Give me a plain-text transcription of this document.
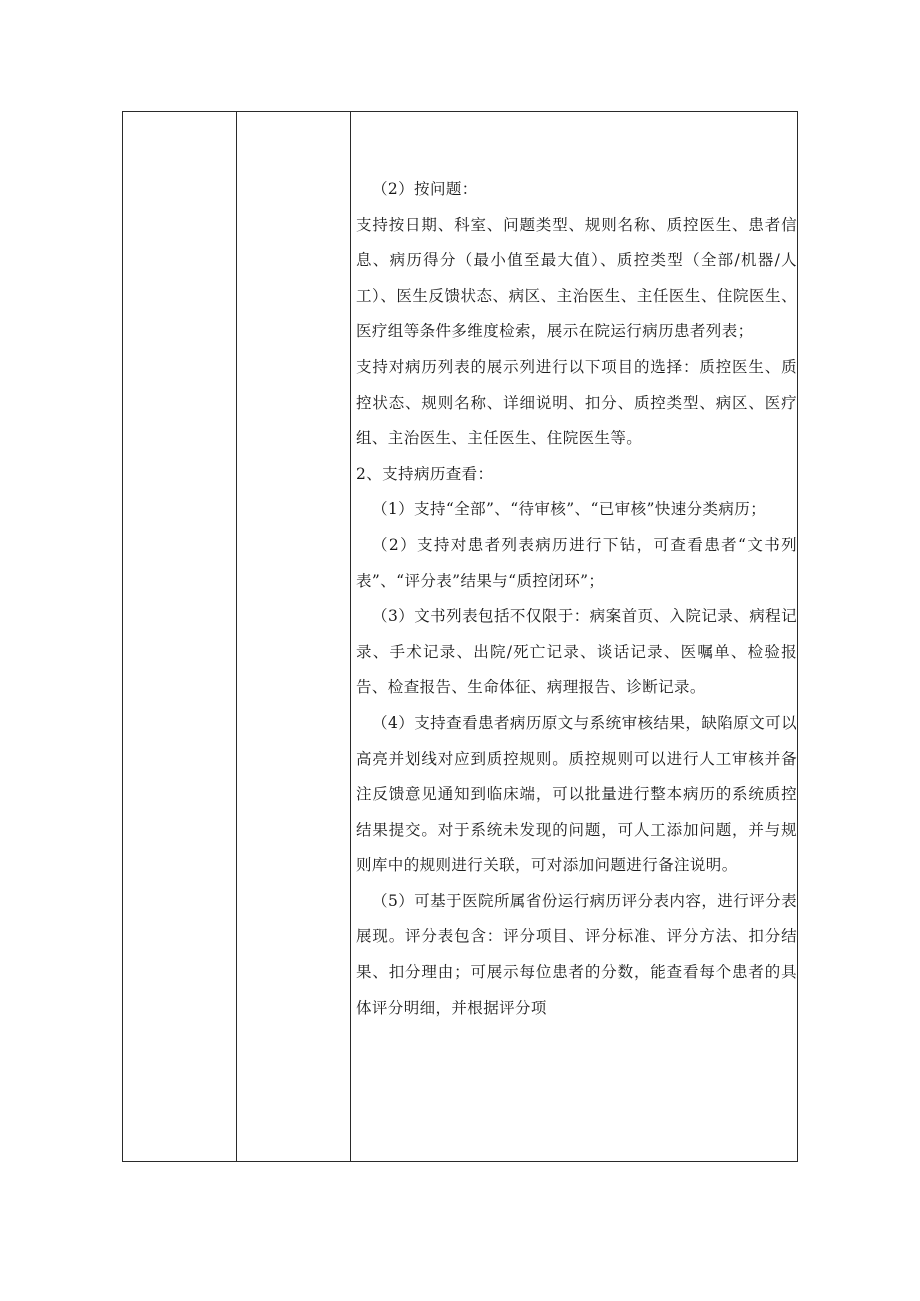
（2）按问题：

支持按日期、科室、问题类型、规则名称、质控医生、患者信息、病历得分（最小值至最大值）、质控类型（全部/机器/人工）、医生反馈状态、病区、主治医生、主任医生、住院医生、医疗组等条件多维度检索，展示在院运行病历患者列表；

支持对病历列表的展示列进行以下项目的选择：质控医生、质控状态、规则名称、详细说明、扣分、质控类型、病区、医疗组、主治医生、主任医生、住院医生等。

2、支持病历查看：

（1）支持“全部”、“待审核”、“已审核”快速分类病历；

（2）支持对患者列表病历进行下钻，可查看患者“文书列表”、“评分表”结果与“质控闭环”；

（3）文书列表包括不仅限于：病案首页、入院记录、病程记录、手术记录、出院/死亡记录、谈话记录、医嘱单、检验报告、检查报告、生命体征、病理报告、诊断记录。

（4）支持查看患者病历原文与系统审核结果，缺陷原文可以高亮并划线对应到质控规则。质控规则可以进行人工审核并备注反馈意见通知到临床端，可以批量进行整本病历的系统质控结果提交。对于系统未发现的问题，可人工添加问题，并与规则库中的规则进行关联，可对添加问题进行备注说明。

（5）可基于医院所属省份运行病历评分表内容，进行评分表展现。评分表包含：评分项目、评分标准、评分方法、扣分结果、扣分理由；可展示每位患者的分数，能查看每个患者的具体评分明细，并根据评分项
